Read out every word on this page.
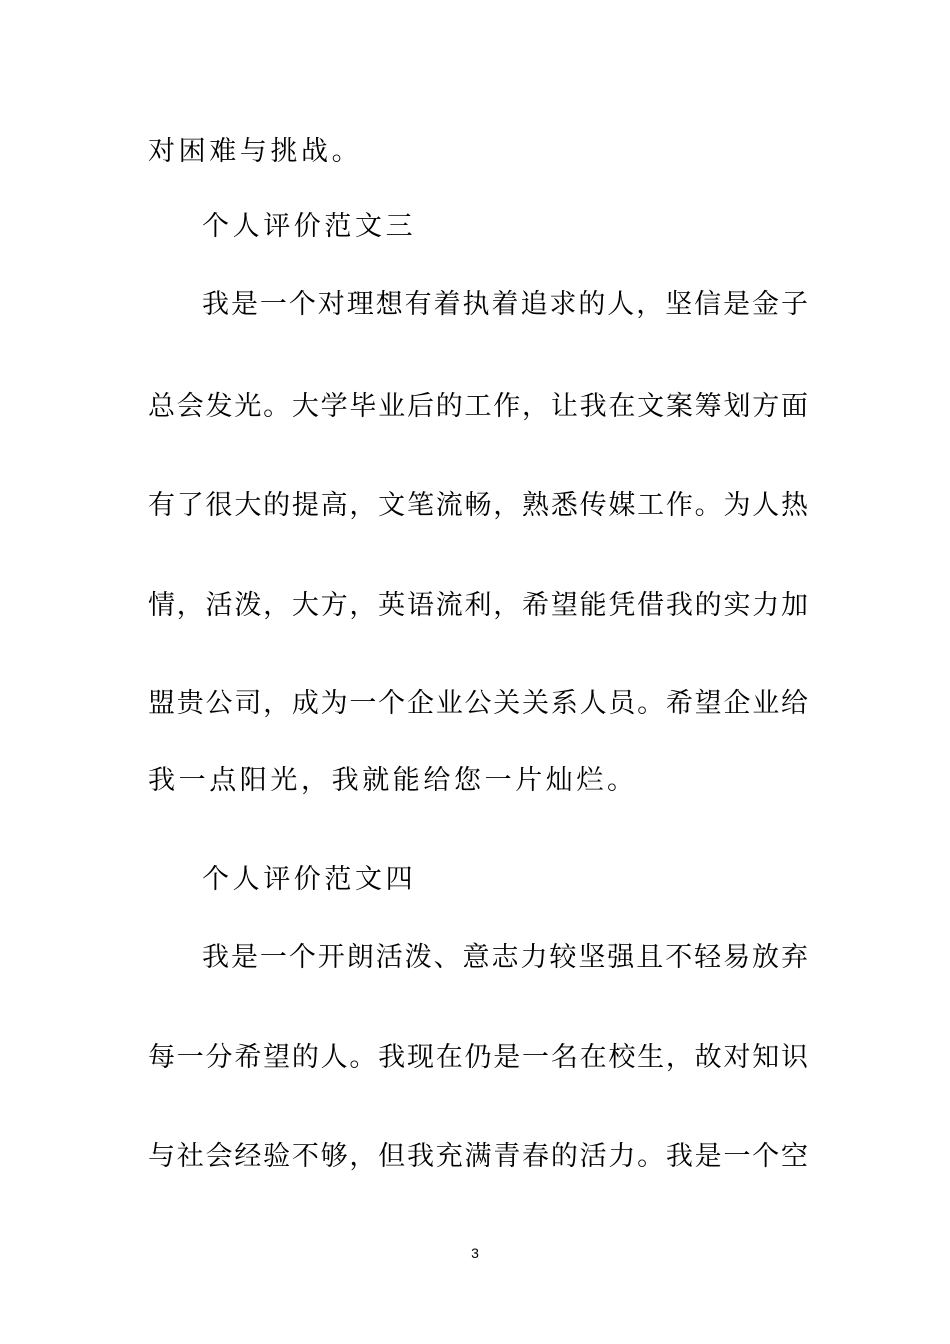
对困难与挑战。
个人评价范文三
我是一个对理想有着执着追求的人，坚信是金子
总会发光。大学毕业后的工作，让我在文案筹划方面
有了很大的提高，文笔流畅，熟悉传媒工作。为人热
情，活泼，大方，英语流利，希望能凭借我的实力加
盟贵公司，成为一个企业公关关系人员。希望企业给
我一点阳光，我就能给您一片灿烂。
个人评价范文四
我是一个开朗活泼、意志力较坚强且不轻易放弃
每一分希望的人。我现在仍是一名在校生，故对知识
与社会经验不够，但我充满青春的活力。我是一个空
3
